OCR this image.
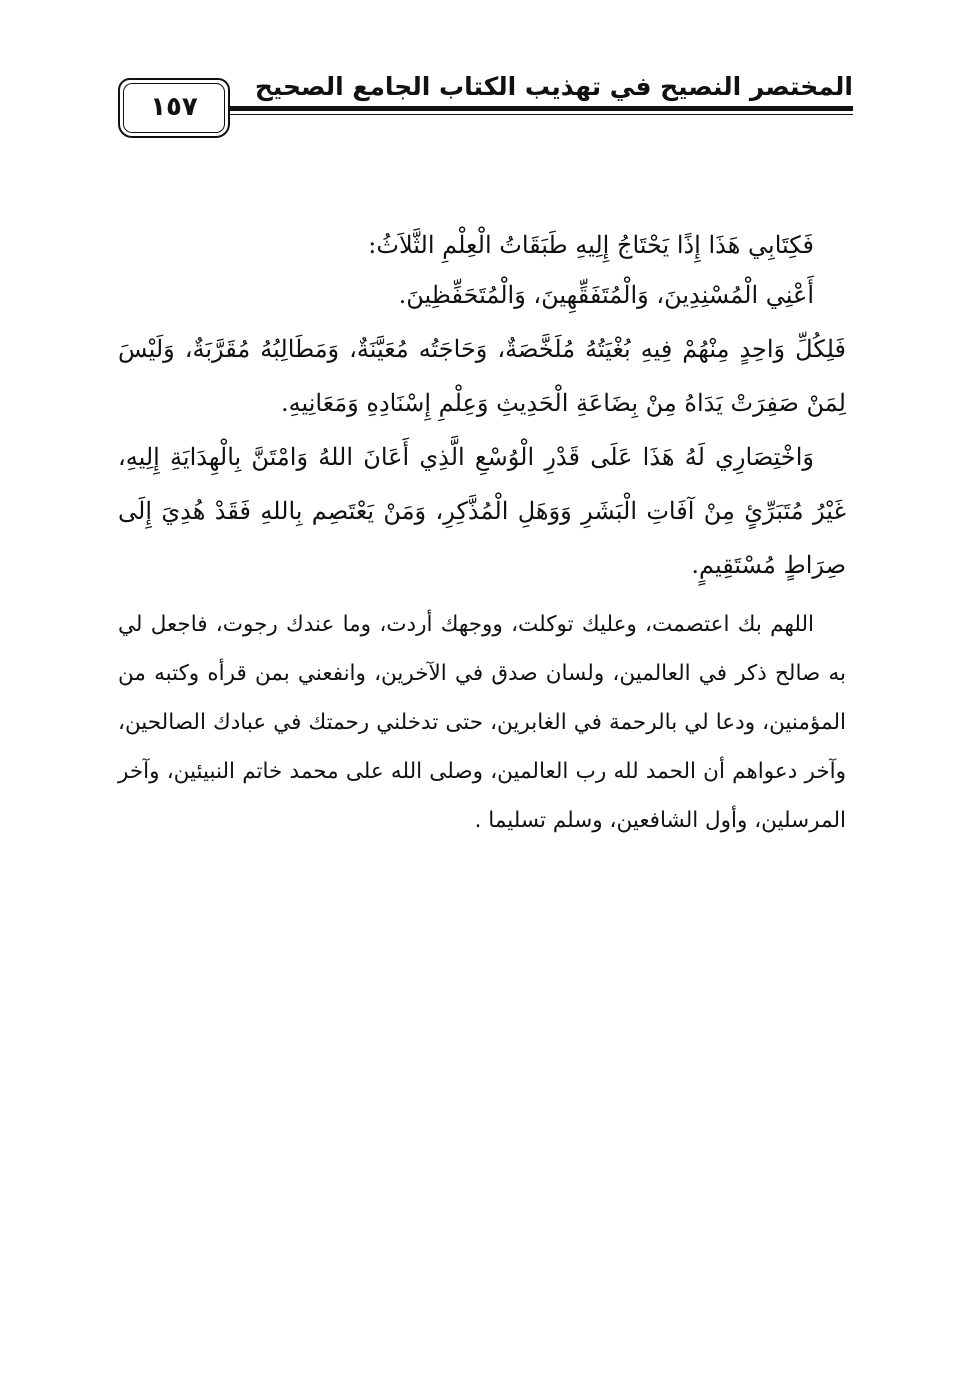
المختصر النصيح في تهذيب الكتاب الجامع الصحيح
١٥٧

فَكِتَابِي هَذَا إِذًا يَحْتَاجُ إِلِيهِ طَبَقَاتُ الْعِلْمِ الثَّلاَثُ:

أَعْنِي الْمُسْنِدِينَ، وَالْمُتَفَقِّهِينَ، وَالْمُتَحَفِّظِينَ.

فَلِكُلِّ وَاحِدٍ مِنْهُمْ فِيهِ بُغْيَتُهُ مُلَخَّصَةٌ، وَحَاجَتُه مُعَيَّنَةٌ، وَمَطَالِبُهُ مُقَرَّبَةٌ، وَلَيْسَ لِمَنْ صَفِرَتْ يَدَاهُ مِنْ بِضَاعَةِ الْحَدِيثِ وَعِلْمِ إِسْنَادِهِ وَمَعَانِيهِ.

وَاخْتِصَارِي لَهُ هَذَا عَلَى قَدْرِ الْوُسْعِ الَّذِي أَعَانَ اللهُ وَامْتَنَّ بِالْهِدَايَةِ إِلِيهِ، غَيْرُ مُتَبَرِّئٍ مِنْ آفَاتِ الْبَشَرِ وَوَهَلِ الْمُذَّكِرِ، وَمَنْ يَعْتَصِم بِاللهِ فَقَدْ هُدِيَ إِلَى صِرَاطٍ مُسْتَقِيمٍ.

اللهم بك اعتصمت، وعليك توكلت، ووجهك أردت، وما عندك رجوت، فاجعل لي به صالح ذكر في العالمين، ولسان صدق في الآخرين، وانفعني بمن قرأه وكتبه من المؤمنين، ودعا لي بالرحمة في الغابرين، حتى تدخلني رحمتك في عبادك الصالحين، وآخر دعواهم أن الحمد لله رب العالمين، وصلى الله على محمد خاتم النبيئين، وآخر المرسلين، وأول الشافعين، وسلم تسليما .
